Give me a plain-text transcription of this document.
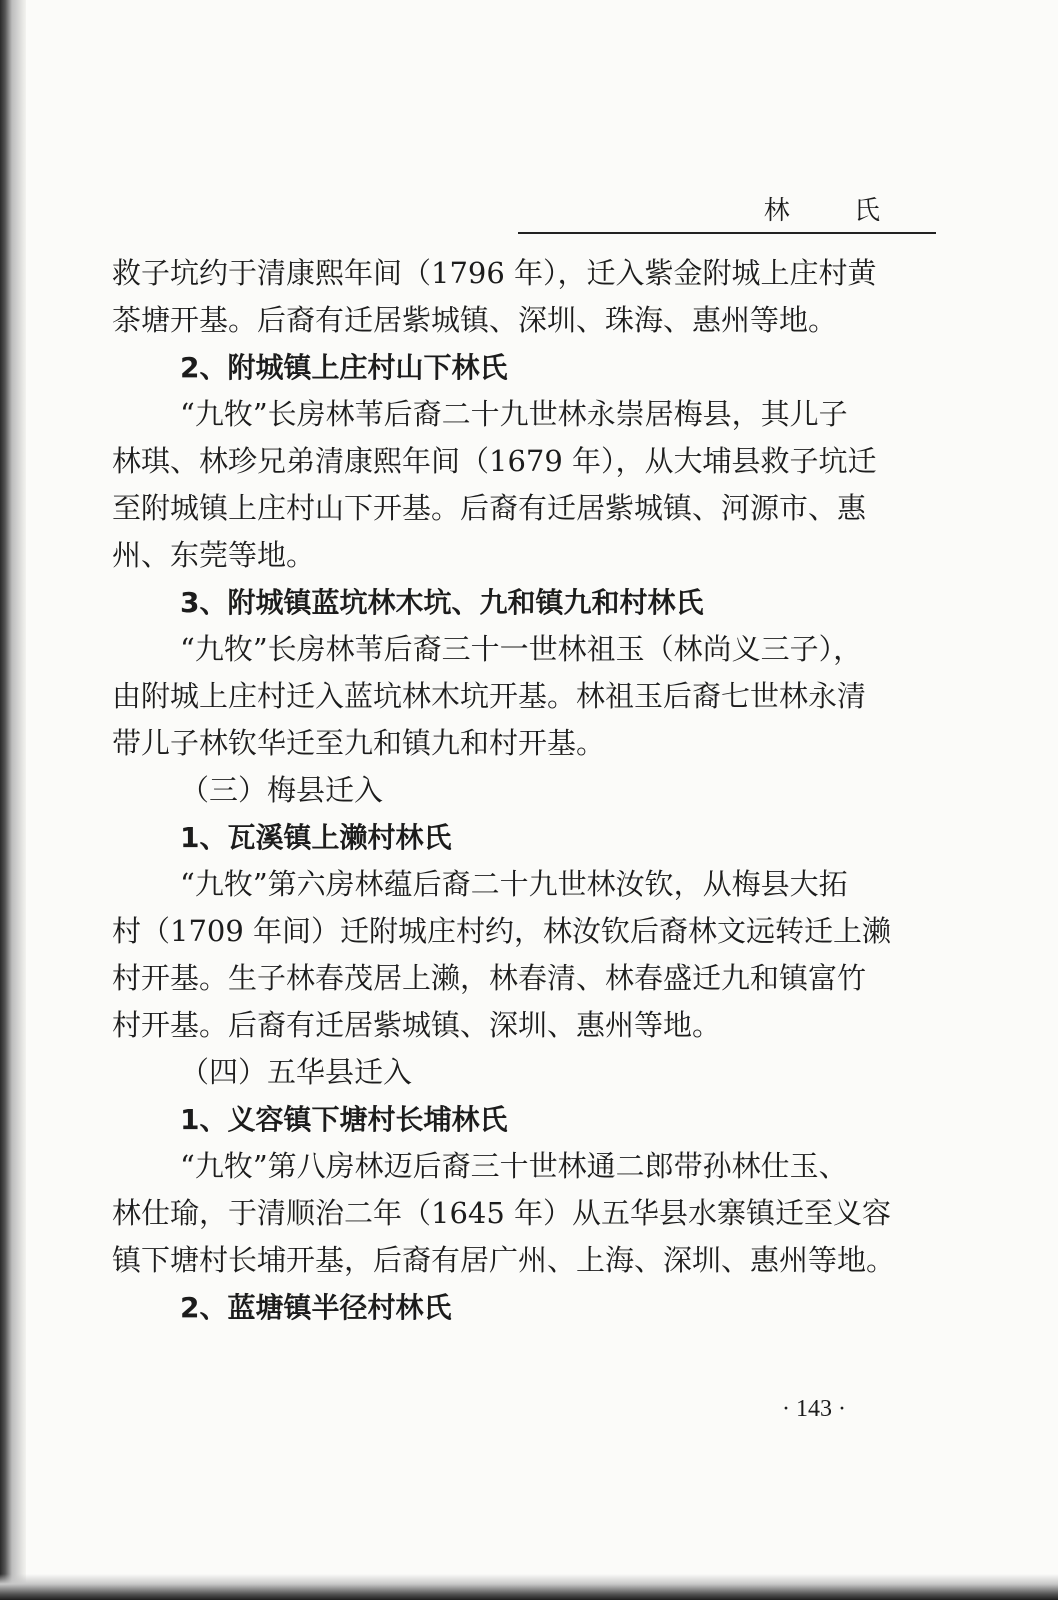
林 氏
救子坑约于清康熙年间（1796 年），迁入紫金附城上庄村黄
茶塘开基。后裔有迁居紫城镇、深圳、珠海、惠州等地。
2、附城镇上庄村山下林氏
“九牧”长房林苇后裔二十九世林永崇居梅县，其儿子
林琪、林珍兄弟清康熙年间（1679 年），从大埔县救子坑迁
至附城镇上庄村山下开基。后裔有迁居紫城镇、河源市、惠
州、东莞等地。
3、附城镇蓝坑林木坑、九和镇九和村林氏
“九牧”长房林苇后裔三十一世林祖玉（林尚义三子），
由附城上庄村迁入蓝坑林木坑开基。林祖玉后裔七世林永清
带儿子林钦华迁至九和镇九和村开基。
（三）梅县迁入
1、瓦溪镇上濑村林氏
“九牧”第六房林蕴后裔二十九世林汝钦，从梅县大拓
村（1709 年间）迁附城庄村约，林汝钦后裔林文远转迁上濑
村开基。生子林春茂居上濑，林春清、林春盛迁九和镇富竹
村开基。后裔有迁居紫城镇、深圳、惠州等地。
（四）五华县迁入
1、义容镇下塘村长埔林氏
“九牧”第八房林迈后裔三十世林通二郎带孙林仕玉、
林仕瑜，于清顺治二年（1645 年）从五华县水寨镇迁至义容
镇下塘村长埔开基，后裔有居广州、上海、深圳、惠州等地。
2、蓝塘镇半径村林氏
· 143 ·
